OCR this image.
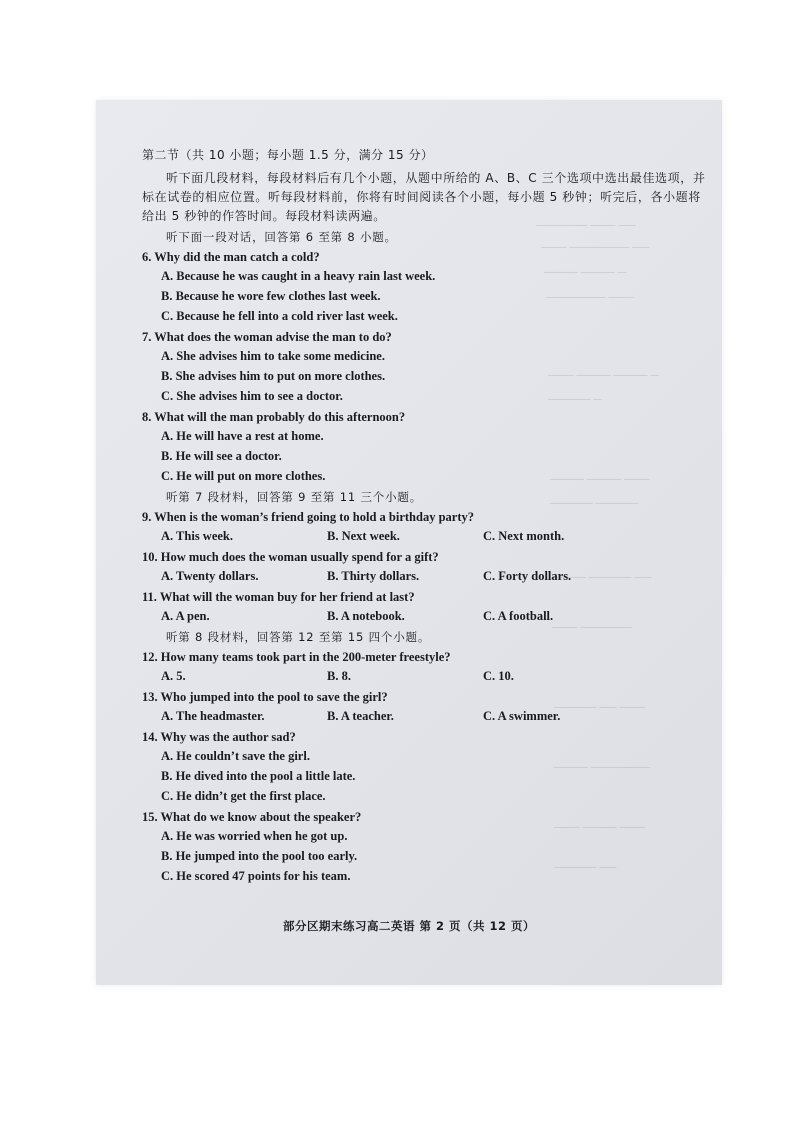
────── ─── ──
─── ─────── ──
──── ──── ─
─────── ───
─── ──── ──── ─
───── ─
──── ──── ───
───── ─────
──── ───── ──
─── ──────
───── ── ───
──── ───────
─── ──── ───
───── ──
第二节（共 10 小题；每小题 1.5 分，满分 15 分）

听下面几段材料，每段材料后有几个小题，从题中所给的 A、B、C 三个选项中选出最佳选项，并标在试卷的相应位置。听每段材料前，你将有时间阅读各个小题，每小题 5 秒钟；听完后，各小题将给出 5 秒钟的作答时间。每段材料读两遍。

听下面一段对话，回答第 6 至第 8 小题。
6. Why did the man catch a cold?
A. Because he was caught in a heavy rain last week.
B. Because he wore few clothes last week.
C. Because he fell into a cold river last week.
7. What does the woman advise the man to do?
A. She advises him to take some medicine.
B. She advises him to put on more clothes.
C. She advises him to see a doctor.
8. What will the man probably do this afternoon?
A. He will have a rest at home.
B. He will see a doctor.
C. He will put on more clothes.
听第 7 段材料，回答第 9 至第 11 三个小题。
9. When is the woman’s friend going to hold a birthday party?
A. This week.	B. Next week.	C. Next month.
10. How much does the woman usually spend for a gift?
A. Twenty dollars.	B. Thirty dollars.	C. Forty dollars.
11. What will the woman buy for her friend at last?
A. A pen.	B. A notebook.	C. A football.
听第 8 段材料，回答第 12 至第 15 四个小题。
12. How many teams took part in the 200-meter freestyle?
A. 5.	B. 8.	C. 10.
13. Who jumped into the pool to save the girl?
A. The headmaster.	B. A teacher.	C. A swimmer.
14. Why was the author sad?
A. He couldn’t save the girl.
B. He dived into the pool a little late.
C. He didn’t get the first place.
15. What do we know about the speaker?
A. He was worried when he got up.
B. He jumped into the pool too early.
C. He scored 47 points for his team.
部分区期末练习高二英语 第 2 页（共 12 页）
